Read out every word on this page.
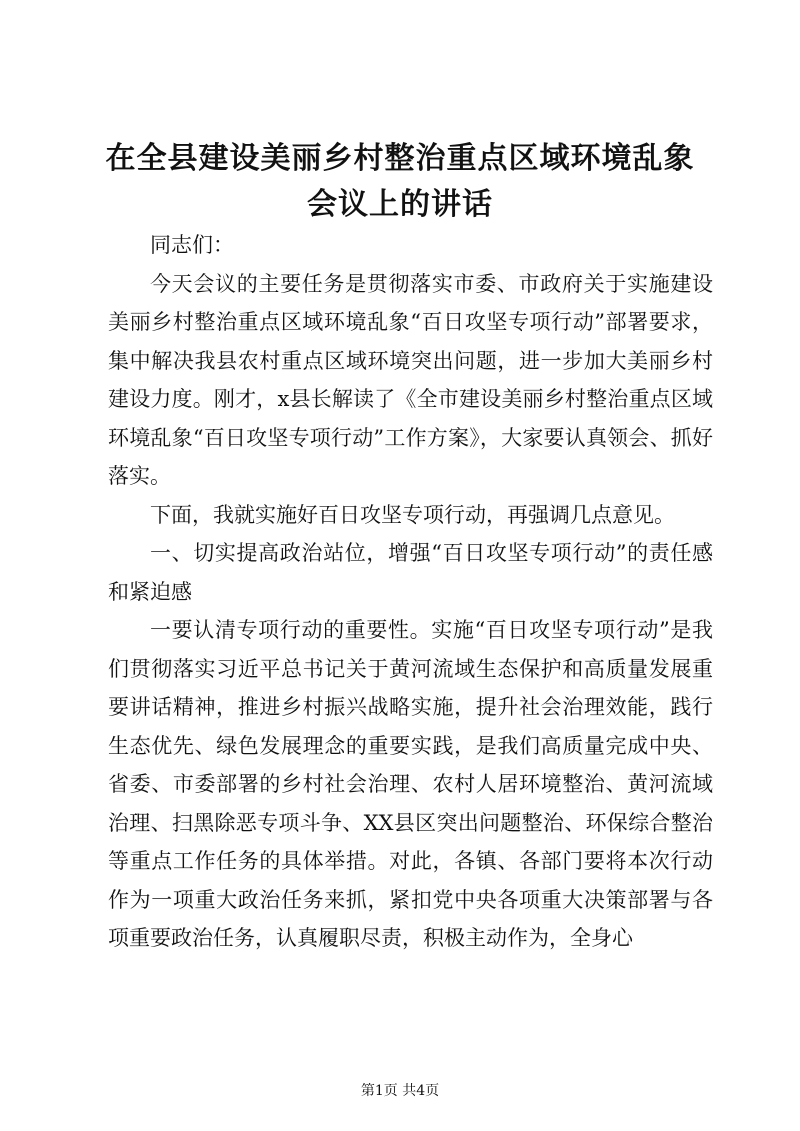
在全县建设美丽乡村整治重点区域环境乱象会议上的讲话

同志们：

今天会议的主要任务是贯彻落实市委、市政府关于实施建设美丽乡村整治重点区域环境乱象“百日攻坚专项行动”部署要求，集中解决我县农村重点区域环境突出问题，进一步加大美丽乡村建设力度。刚才，x县长解读了《全市建设美丽乡村整治重点区域环境乱象“百日攻坚专项行动”工作方案》，大家要认真领会、抓好落实。

下面，我就实施好百日攻坚专项行动，再强调几点意见。

一、切实提高政治站位，增强“百日攻坚专项行动”的责任感和紧迫感

一要认清专项行动的重要性。实施“百日攻坚专项行动”是我们贯彻落实习近平总书记关于黄河流域生态保护和高质量发展重要讲话精神，推进乡村振兴战略实施，提升社会治理效能，践行生态优先、绿色发展理念的重要实践，是我们高质量完成中央、省委、市委部署的乡村社会治理、农村人居环境整治、黄河流域治理、扫黑除恶专项斗争、XX县区突出问题整治、环保综合整治等重点工作任务的具体举措。对此，各镇、各部门要将本次行动作为一项重大政治任务来抓，紧扣党中央各项重大决策部署与各项重要政治任务，认真履职尽责，积极主动作为，全身心

第1页 共4页
